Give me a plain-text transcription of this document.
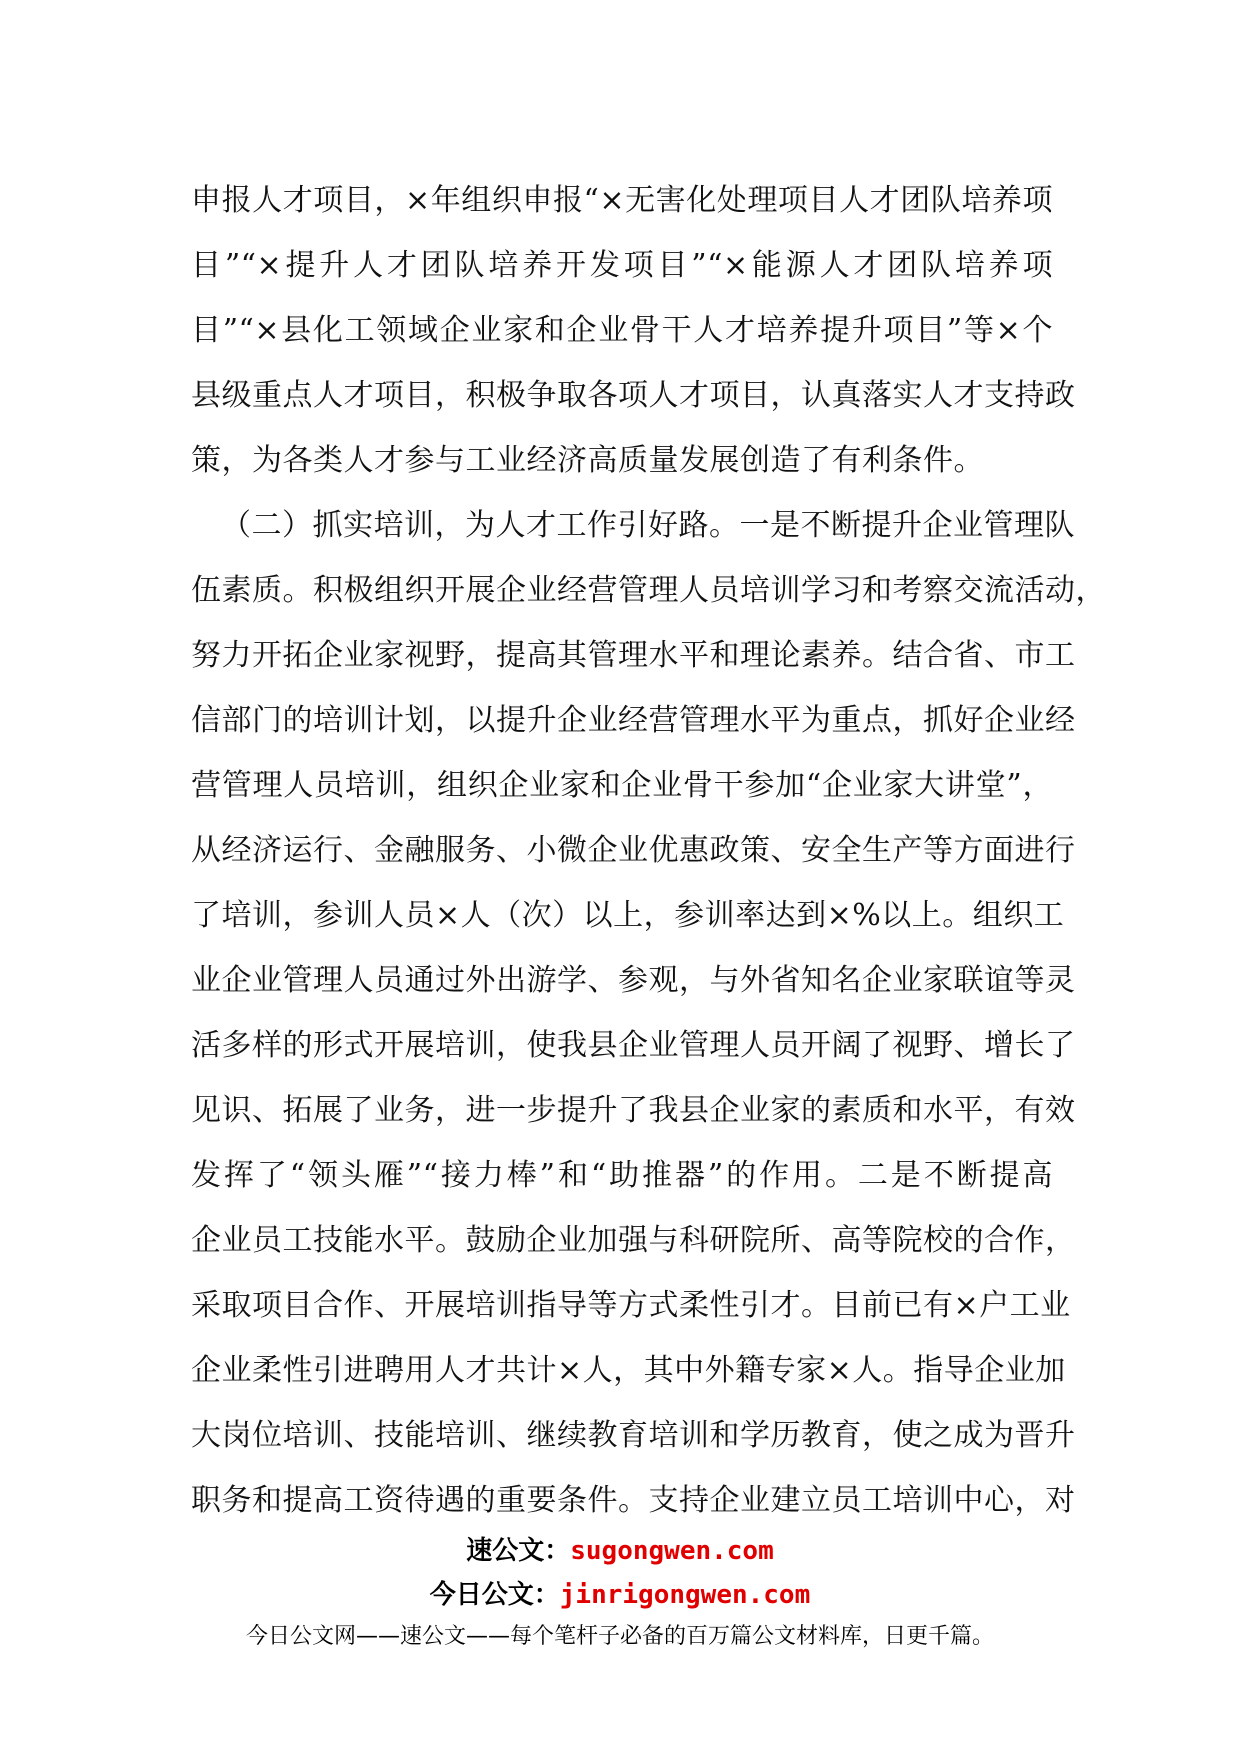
申报人才项目，×年组织申报“×无害化处理项目人才团队培养项
目”“×提升人才团队培养开发项目”“×能源人才团队培养项
目”“×县化工领域企业家和企业骨干人才培养提升项目”等×个
县级重点人才项目，积极争取各项人才项目，认真落实人才支持政
策，为各类人才参与工业经济高质量发展创造了有利条件。
（二）抓实培训，为人才工作引好路。一是不断提升企业管理队
伍素质。积极组织开展企业经营管理人员培训学习和考察交流活动，
努力开拓企业家视野，提高其管理水平和理论素养。结合省、市工
信部门的培训计划，以提升企业经营管理水平为重点，抓好企业经
营管理人员培训，组织企业家和企业骨干参加“企业家大讲堂”，
从经济运行、金融服务、小微企业优惠政策、安全生产等方面进行
了培训，参训人员×人（次）以上，参训率达到×%以上。组织工
业企业管理人员通过外出游学、参观，与外省知名企业家联谊等灵
活多样的形式开展培训，使我县企业管理人员开阔了视野、增长了
见识、拓展了业务，进一步提升了我县企业家的素质和水平，有效
发挥了“领头雁”“接力棒”和“助推器”的作用。二是不断提高
企业员工技能水平。鼓励企业加强与科研院所、高等院校的合作，
采取项目合作、开展培训指导等方式柔性引才。目前已有×户工业
企业柔性引进聘用人才共计×人，其中外籍专家×人。指导企业加
大岗位培训、技能培训、继续教育培训和学历教育，使之成为晋升
职务和提高工资待遇的重要条件。支持企业建立员工培训中心，对
速公文：sugongwen.com
今日公文：jinrigongwen.com
今日公文网——速公文——每个笔杆子必备的百万篇公文材料库，日更千篇。
